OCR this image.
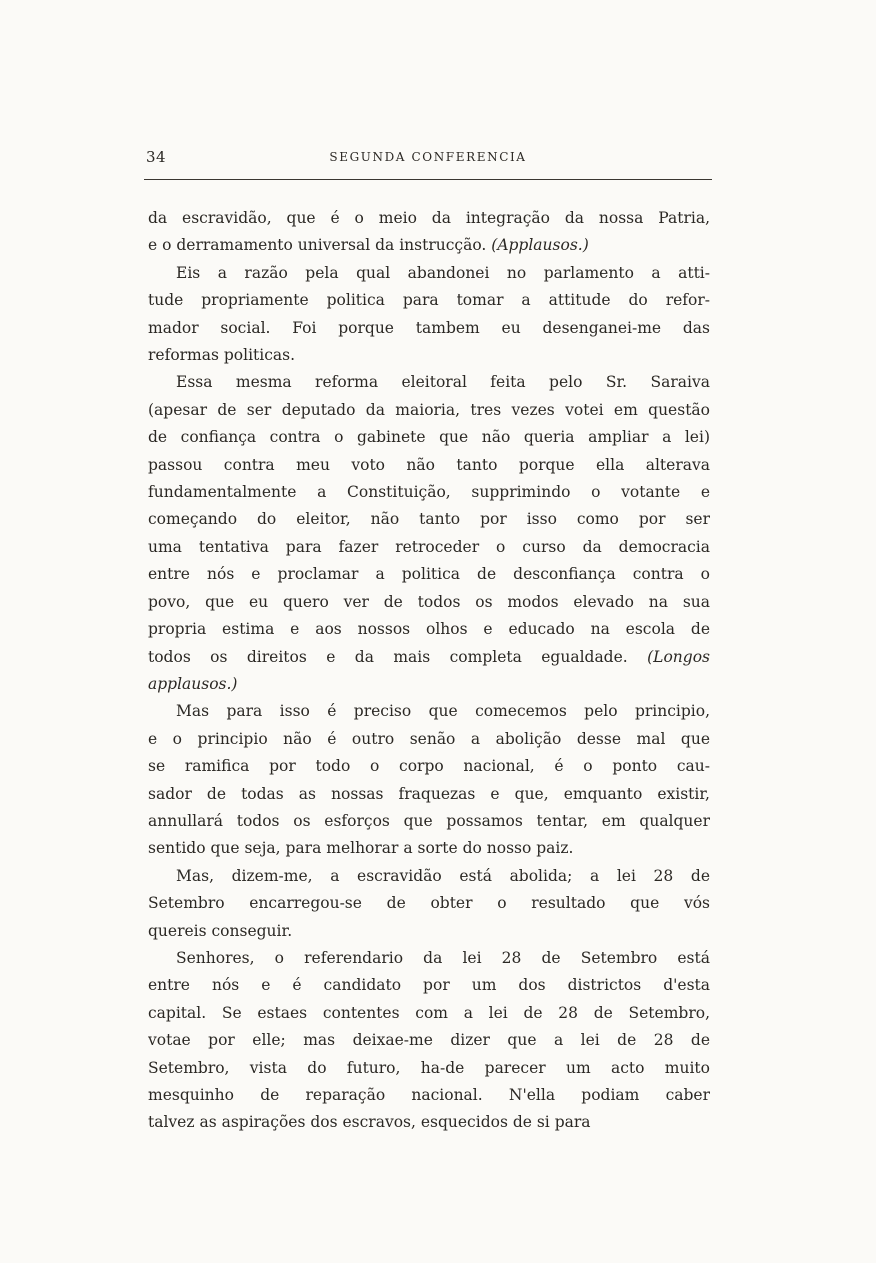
34	SEGUNDA CONFERENCIA

da escravidão, que é o meio da integração da nossa Patria,
e o derramamento universal da instrucção. (Applausos.)

Eis a razão pela qual abandonei no parlamento a atti-
tude propriamente politica para tomar a attitude do refor-
mador social. Foi porque tambem eu desenganei-me das
reformas politicas.

Essa mesma reforma eleitoral feita pelo Sr. Saraiva
(apesar de ser deputado da maioria, tres vezes votei em questão
de confiança contra o gabinete que não queria ampliar a lei)
passou contra meu voto não tanto porque ella alterava
fundamentalmente a Constituição, supprimindo o votante e
começando do eleitor, não tanto por isso como por ser
uma tentativa para fazer retroceder o curso da democracia
entre nós e proclamar a politica de desconfiança contra o
povo, que eu quero ver de todos os modos elevado na sua
propria estima e aos nossos olhos e educado na escola de
todos os direitos e da mais completa egualdade. (Longos
applausos.)

Mas para isso é preciso que comecemos pelo principio,
e o principio não é outro senão a abolição desse mal que
se ramifica por todo o corpo nacional, é o ponto cau-
sador de todas as nossas fraquezas e que, emquanto existir,
annullará todos os esforços que possamos tentar, em qualquer
sentido que seja, para melhorar a sorte do nosso paiz.

Mas, dizem-me, a escravidão está abolida; a lei 28 de
Setembro encarregou-se de obter o resultado que vós
quereis conseguir.

Senhores, o referendario da lei 28 de Setembro está
entre nós e é candidato por um dos districtos d'esta
capital. Se estaes contentes com a lei de 28 de Setembro,
votae por elle; mas deixae-me dizer que a lei de 28 de
Setembro, vista do futuro, ha-de parecer um acto muito
mesquinho de reparação nacional. N'ella podiam caber
talvez as aspirações dos escravos, esquecidos de si para
